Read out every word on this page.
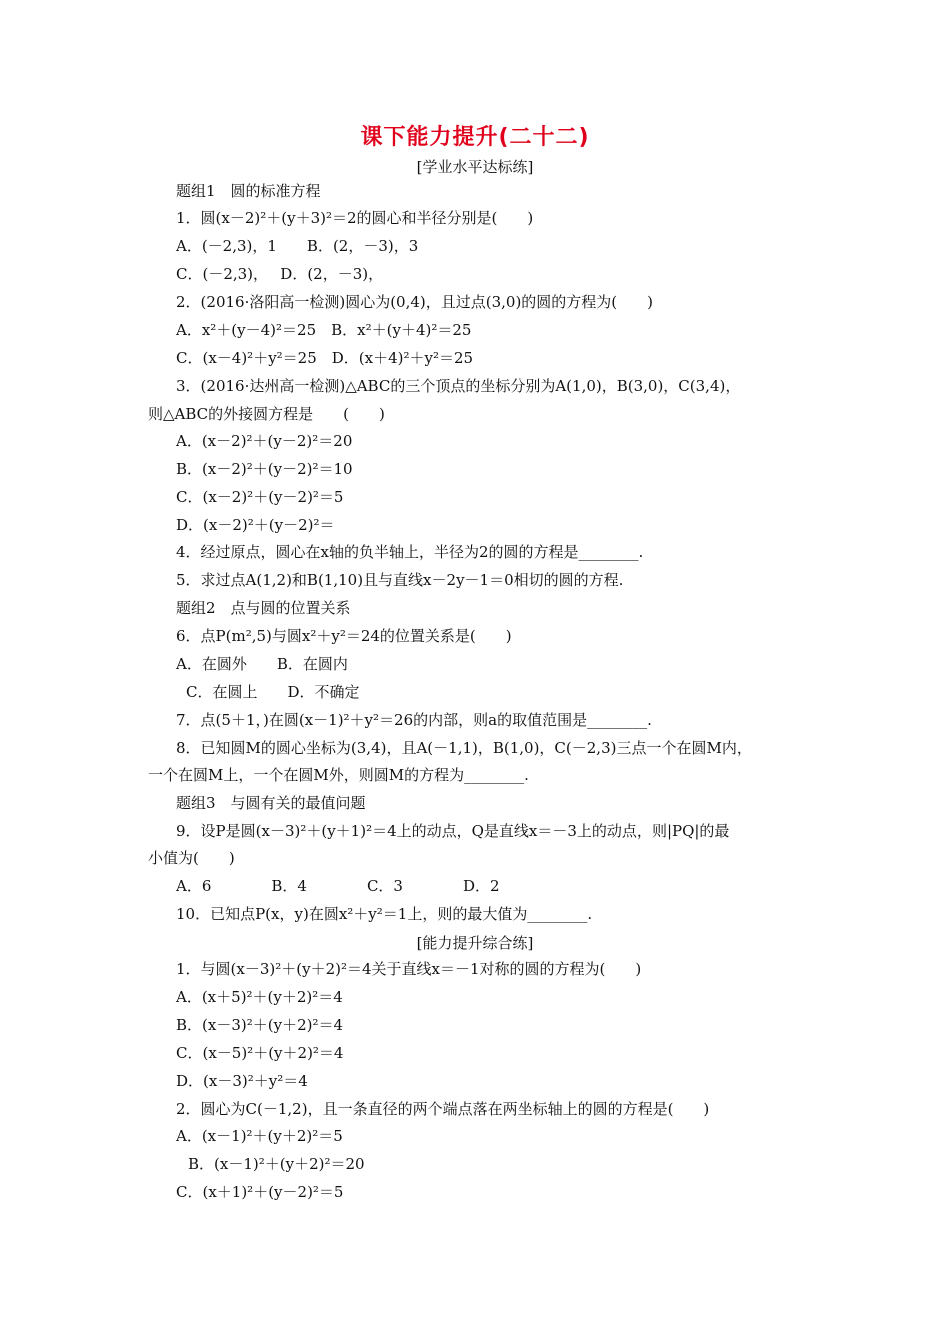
课下能力提升(二十二)
[学业水平达标练]
题组1　圆的标准方程
1．圆(x－2)²＋(y＋3)²＝2的圆心和半径分别是(　　)
A．(－2,3)，1　　B．(2，－3)，3
C．(－2,3)，　 D．(2，－3)，
2．(2016·洛阳高一检测)圆心为(0,4)，且过点(3,0)的圆的方程为(　　)
A．x²＋(y－4)²＝25　B．x²＋(y＋4)²＝25
C．(x－4)²＋y²＝25　D．(x＋4)²＋y²＝25
3．(2016·达州高一检测)△ABC的三个顶点的坐标分别为A(1,0)，B(3,0)，C(3,4)，
则△ABC的外接圆方程是　　(　　)
A．(x－2)²＋(y－2)²＝20
B．(x－2)²＋(y－2)²＝10
C．(x－2)²＋(y－2)²＝5
D．(x－2)²＋(y－2)²＝
4．经过原点，圆心在x轴的负半轴上，半径为2的圆的方程是________.
5．求过点A(1,2)和B(1,10)且与直线x－2y－1＝0相切的圆的方程.
题组2　点与圆的位置关系
6．点P(m²,5)与圆x²＋y²＝24的位置关系是(　　)
A．在圆外　　B．在圆内
C．在圆上　　D．不确定
7．点(5＋1，)在圆(x－1)²＋y²＝26的内部，则a的取值范围是________.
8．已知圆M的圆心坐标为(3,4)，且A(－1,1)，B(1,0)，C(－2,3)三点一个在圆M内，
一个在圆M上，一个在圆M外，则圆M的方程为________.
题组3　与圆有关的最值问题
9．设P是圆(x－3)²＋(y＋1)²＝4上的动点，Q是直线x＝－3上的动点，则|PQ|的最
小值为(　　)
A．6　　　　B．4　　　　C．3　　　　D．2
10．已知点P(x，y)在圆x²＋y²＝1上，则的最大值为________.
[能力提升综合练]
1．与圆(x－3)²＋(y＋2)²＝4关于直线x＝－1对称的圆的方程为(　　)
A．(x＋5)²＋(y＋2)²＝4
B．(x－3)²＋(y＋2)²＝4
C．(x－5)²＋(y＋2)²＝4
D．(x－3)²＋y²＝4
2．圆心为C(－1,2)，且一条直径的两个端点落在两坐标轴上的圆的方程是(　　)
A．(x－1)²＋(y＋2)²＝5
B．(x－1)²＋(y＋2)²＝20
C．(x＋1)²＋(y－2)²＝5
